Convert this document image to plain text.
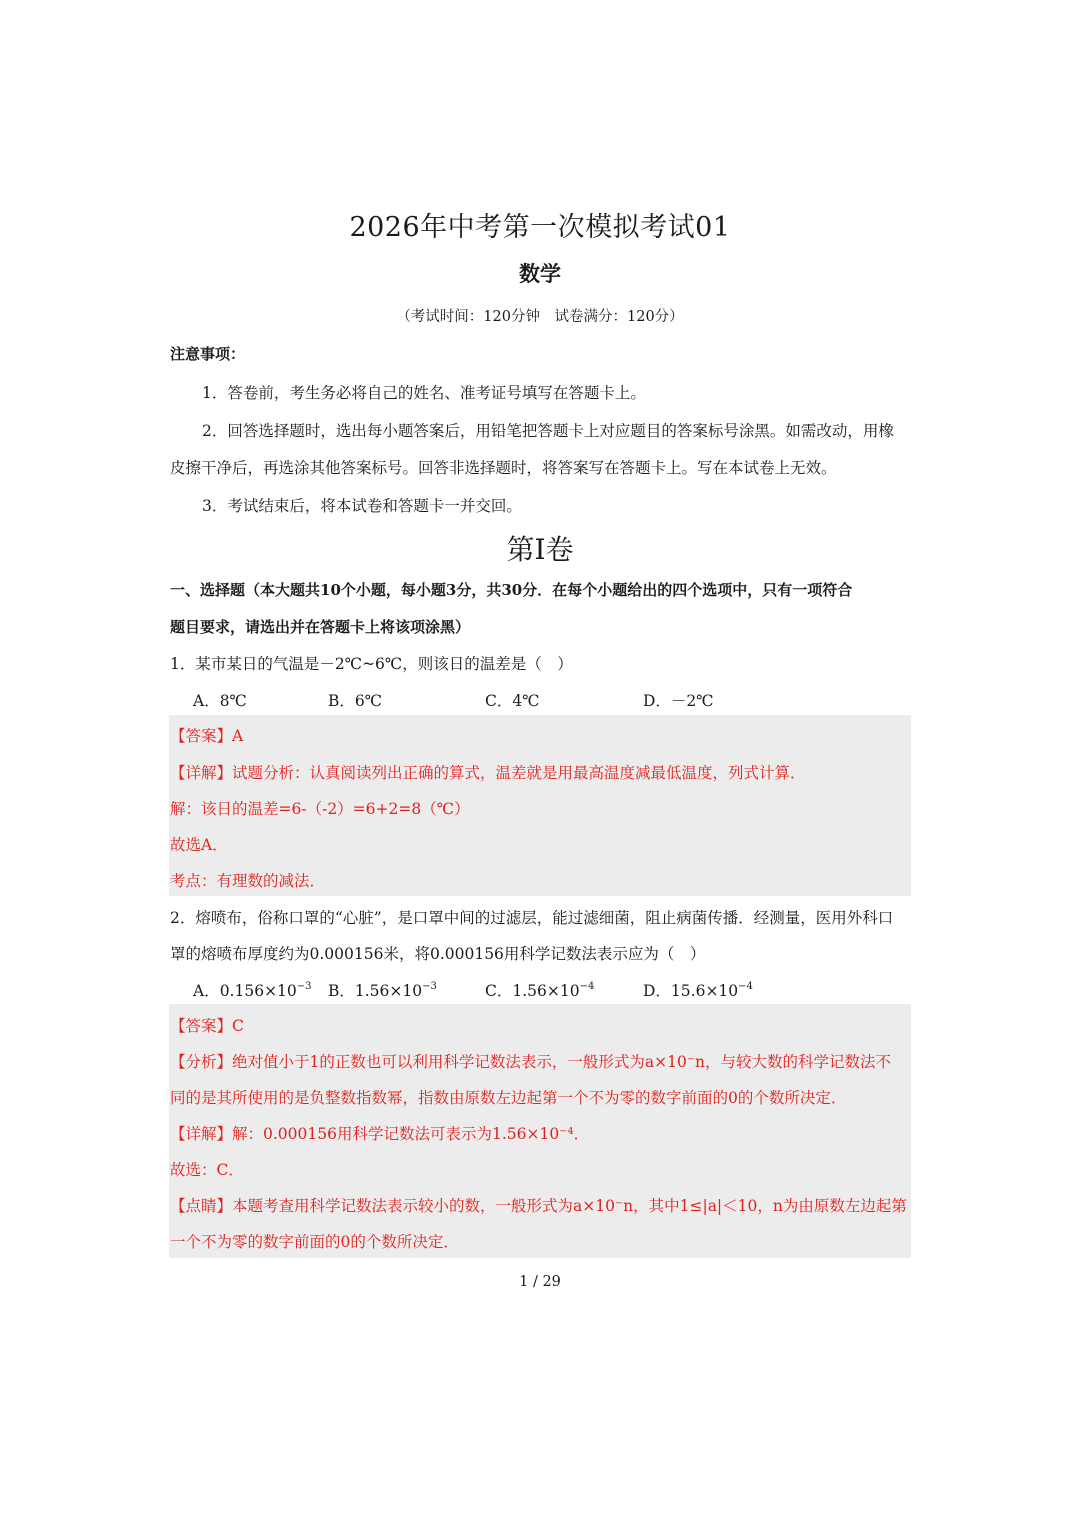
2026年中考第一次模拟考试01
数学
（考试时间：120分钟　试卷满分：120分）
注意事项：
1．答卷前，考生务必将自己的姓名、准考证号填写在答题卡上。
2．回答选择题时，选出每小题答案后，用铅笔把答题卡上对应题目的答案标号涂黑。如需改动，用橡
皮擦干净后，再选涂其他答案标号。回答非选择题时，将答案写在答题卡上。写在本试卷上无效。
3．考试结束后，将本试卷和答题卡一并交回。
第Ⅰ卷
一、选择题（本大题共10个小题，每小题3分，共30分．在每个小题给出的四个选项中，只有一项符合
题目要求，请选出并在答题卡上将该项涂黑）
1．某市某日的气温是－2℃~6℃，则该日的温差是（　）
A．8℃	B．6℃	C．4℃	D．－2℃
【答案】A
【详解】试题分析：认真阅读列出正确的算式，温差就是用最高温度减最低温度，列式计算．
解：该日的温差=6-（-2）=6+2=8（℃）
故选A．
考点：有理数的减法．
2．熔喷布，俗称口罩的“心脏”，是口罩中间的过滤层，能过滤细菌，阻止病菌传播．经测量，医用外科口
罩的熔喷布厚度约为0.000156米，将0.000156用科学记数法表示应为（　）
A．$0.156\times 10^{-3}$ B．$1.56\times 10^{-3}$	C．$1.56\times 10^{-4}$	D．$15.6\times 10^{-4}$
【答案】C
【分析】绝对值小于1的正数也可以利用科学记数法表示，一般形式为a×10⁻n，与较大数的科学记数法不
同的是其所使用的是负整数指数幂，指数由原数左边起第一个不为零的数字前面的0的个数所决定．
【详解】解：0.000156用科学记数法可表示为1.56×10⁻⁴．
故选：C．
【点睛】本题考查用科学记数法表示较小的数，一般形式为a×10⁻n，其中1≤|a|＜10，n为由原数左边起第
一个不为零的数字前面的0的个数所决定．
1 / 29
